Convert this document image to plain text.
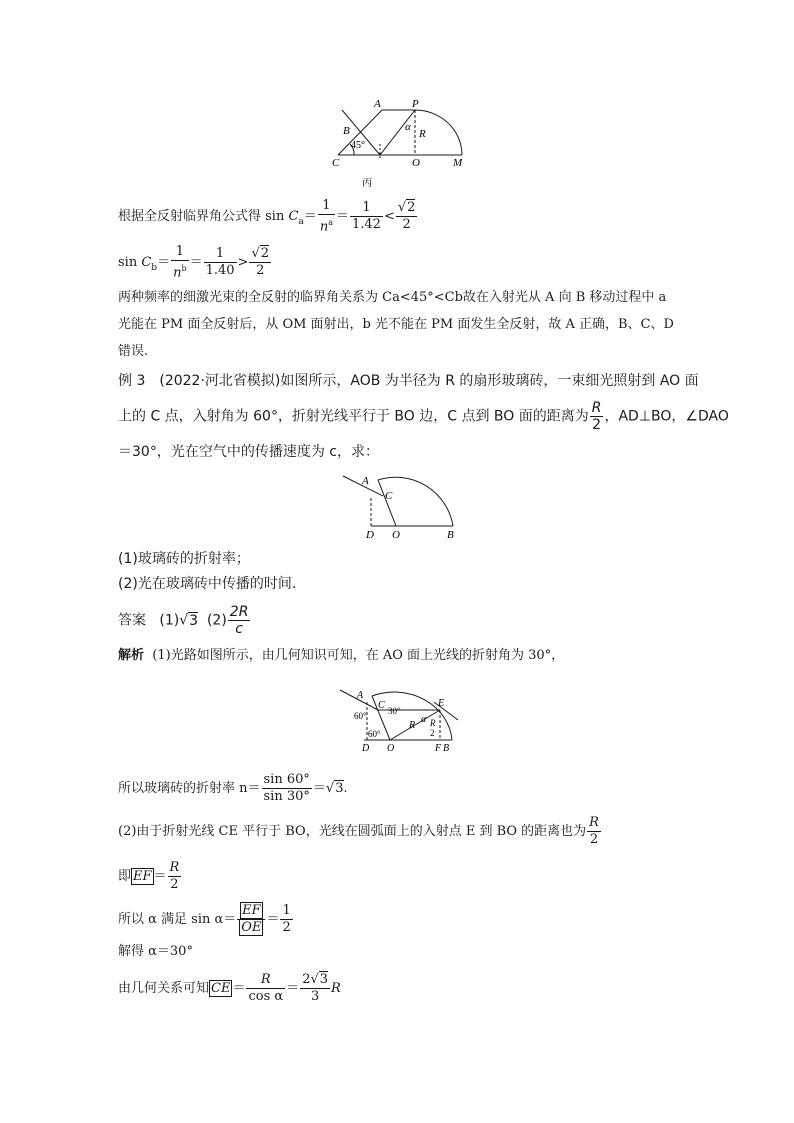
A	P
B
C	O	M
R
α
45°
丙
根据全反射临界角公式得 $\sin C_a= \frac{1}{n^a} = \frac{1}{1.42} < \frac{√2}{2}$
$\sin C_b= \frac{1}{n^b} = \frac{1}{1.40} > \frac{√2}{2}$
两种频率的细激光束的全反射的临界角关系为 Ca<45°<Cb故在入射光从 A 向 B 移动过程中 a
光能在 PM 面全反射后，从 OM 面射出，b 光不能在 PM 面发生全反射，故 A 正确，B、C、D
错误.
例 3　(2022·河北省模拟)如图所示，AOB 为半径为 R 的扇形玻璃砖，一束细光照射到 AO 面
上的 C 点，入射角为 60°，折射光线平行于 BO 边，C 点到 BO 面的距离为 $\frac{R}{2}$ ，AD⊥BO，∠DAO
＝30°，光在空气中的传播速度为 c，求：
A
C
D O	B
(1)玻璃砖的折射率；
(2)光在玻璃砖中传播的时间.
答案 (1)√3 $(2) \frac{2R}{c}$
解析 (1)光路如图所示，由几何知识可知，在 AO 面上光线的折射角为 30°，
A
C	E
D O	F B
R
α
60°
60°
30°
R
2
所以玻璃砖的折射率 $n= \frac{\sin 60^\circ}{\sin 30^\circ} =√3$.
(2)由于折射光线 CE 平行于 BO，光线在圆弧面上的入射点 E 到 BO 的距离也为 $\frac{R}{2}$
即 EF ＝ $\frac{R}{2}$
所以 α 满足 $\sin \alpha= \frac{EF}{OE} = \frac{1}{2}$
解得 α＝30°
由几何关系可知 CE ＝ $\frac{R}{\text{cos α}} = \frac{2√3}{3}$ R
